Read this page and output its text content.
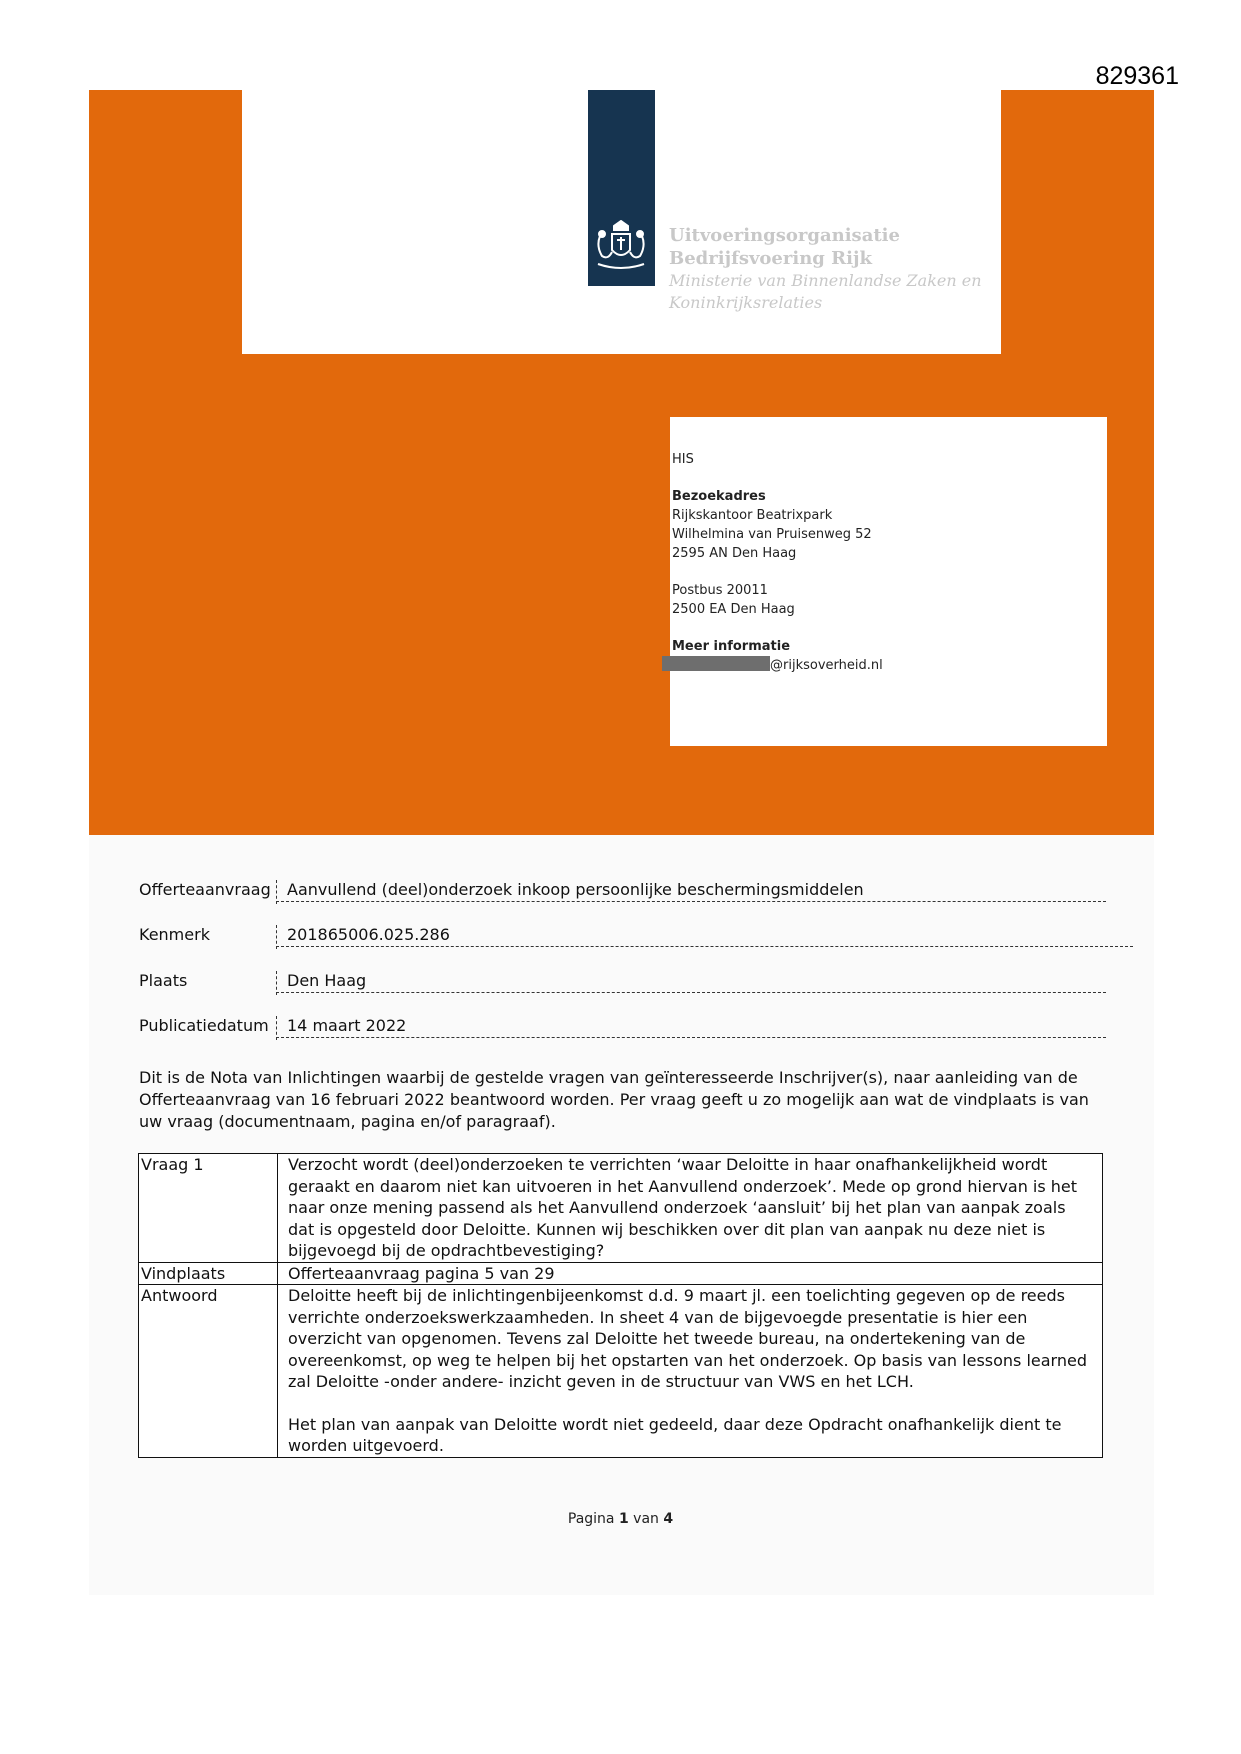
829361
Uitvoeringsorganisatie
Bedrijfsvoering Rijk
Ministerie van Binnenlandse Zaken en
Koninkrijksrelaties
HIS
Bezoekadres
Rijkskantoor Beatrixpark
Wilhelmina van Pruisenweg 52
2595 AN Den Haag
Postbus 20011
2500 EA Den Haag
Meer informatie
@rijksoverheid.nl
Offerteaanvraag	Aanvullend (deel)onderzoek inkoop persoonlijke beschermingsmiddelen
Kenmerk	201865006.025.286
Plaats	Den Haag
Publicatiedatum	14 maart 2022
Dit is de Nota van Inlichtingen waarbij de gestelde vragen van geïnteresseerde Inschrijver(s), naar aanleiding van de Offerteaanvraag van 16 februari 2022 beantwoord worden. Per vraag geeft u zo mogelijk aan wat de vindplaats is van uw vraag (documentnaam, pagina en/of paragraaf).
Vraag 1	Verzocht wordt (deel)onderzoeken te verrichten ‘waar Deloitte in haar onafhankelijkheid wordt geraakt en daarom niet kan uitvoeren in het Aanvullend onderzoek’. Mede op grond hiervan is het naar onze mening passend als het Aanvullend onderzoek ‘aansluit’ bij het plan van aanpak zoals dat is opgesteld door Deloitte. Kunnen wij beschikken over dit plan van aanpak nu deze niet is bijgevoegd bij de opdrachtbevestiging?
Vindplaats	Offerteaanvraag pagina 5 van 29
Antwoord	Deloitte heeft bij de inlichtingenbijeenkomst d.d. 9 maart jl. een toelichting gegeven op de reeds verrichte onderzoekswerkzaamheden. In sheet 4 van de bijgevoegde presentatie is hier een overzicht van opgenomen. Tevens zal Deloitte het tweede bureau, na ondertekening van de overeenkomst, op weg te helpen bij het opstarten van het onderzoek. Op basis van lessons learned zal Deloitte -onder andere- inzicht geven in de structuur van VWS en het LCH.
Het plan van aanpak van Deloitte wordt niet gedeeld, daar deze Opdracht onafhankelijk dient te worden uitgevoerd.
Pagina 1 van 4
